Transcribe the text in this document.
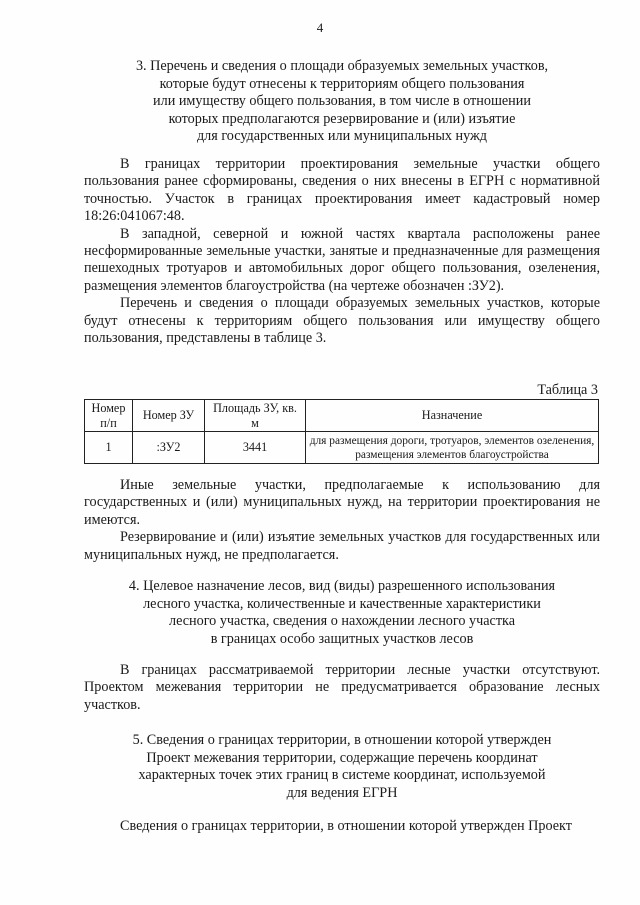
4
3. Перечень и сведения о площади образуемых земельных участков,
которые будут отнесены к территориям общего пользования
или имуществу общего пользования, в том числе в отношении
которых предполагаются резервирование и (или) изъятие
для государственных или муниципальных нужд

В границах территории проектирования земельные участки общего пользования ранее сформированы, сведения о них внесены в ЕГРН с нормативной точностью. Участок в границах проектирования имеет кадастровый номер 18:26:041067:48.

В западной, северной и южной частях квартала расположены ранее несформированные земельные участки, занятые и предназначенные для размещения пешеходных тротуаров и автомобильных дорог общего пользования, озеленения, размещения элементов благоустройства (на чертеже обозначен :ЗУ2).

Перечень и сведения о площади образуемых земельных участков, которые будут отнесены к территориям общего пользования или имуществу общего пользования, представлены в таблице 3.

Таблица 3
Номер п/п	Номер ЗУ	Площадь ЗУ, кв. м	Назначение
1	:ЗУ2	3441	для размещения дороги, тротуаров, элементов озеленения, размещения элементов благоустройства

Иные земельные участки, предполагаемые к использованию для государственных и (или) муниципальных нужд, на территории проектирования не имеются.

Резервирование и (или) изъятие земельных участков для государственных или муниципальных нужд, не предполагается.

4. Целевое назначение лесов, вид (виды) разрешенного использования
лесного участка, количественные и качественные характеристики
лесного участка, сведения о нахождении лесного участка
в границах особо защитных участков лесов

В границах рассматриваемой территории лесные участки отсутствуют. Проектом межевания территории не предусматривается образование лесных участков.

5. Сведения о границах территории, в отношении которой утвержден
Проект межевания территории, содержащие перечень координат
характерных точек этих границ в системе координат, используемой
для ведения ЕГРН

Сведения о границах территории, в отношении которой утвержден Проект
